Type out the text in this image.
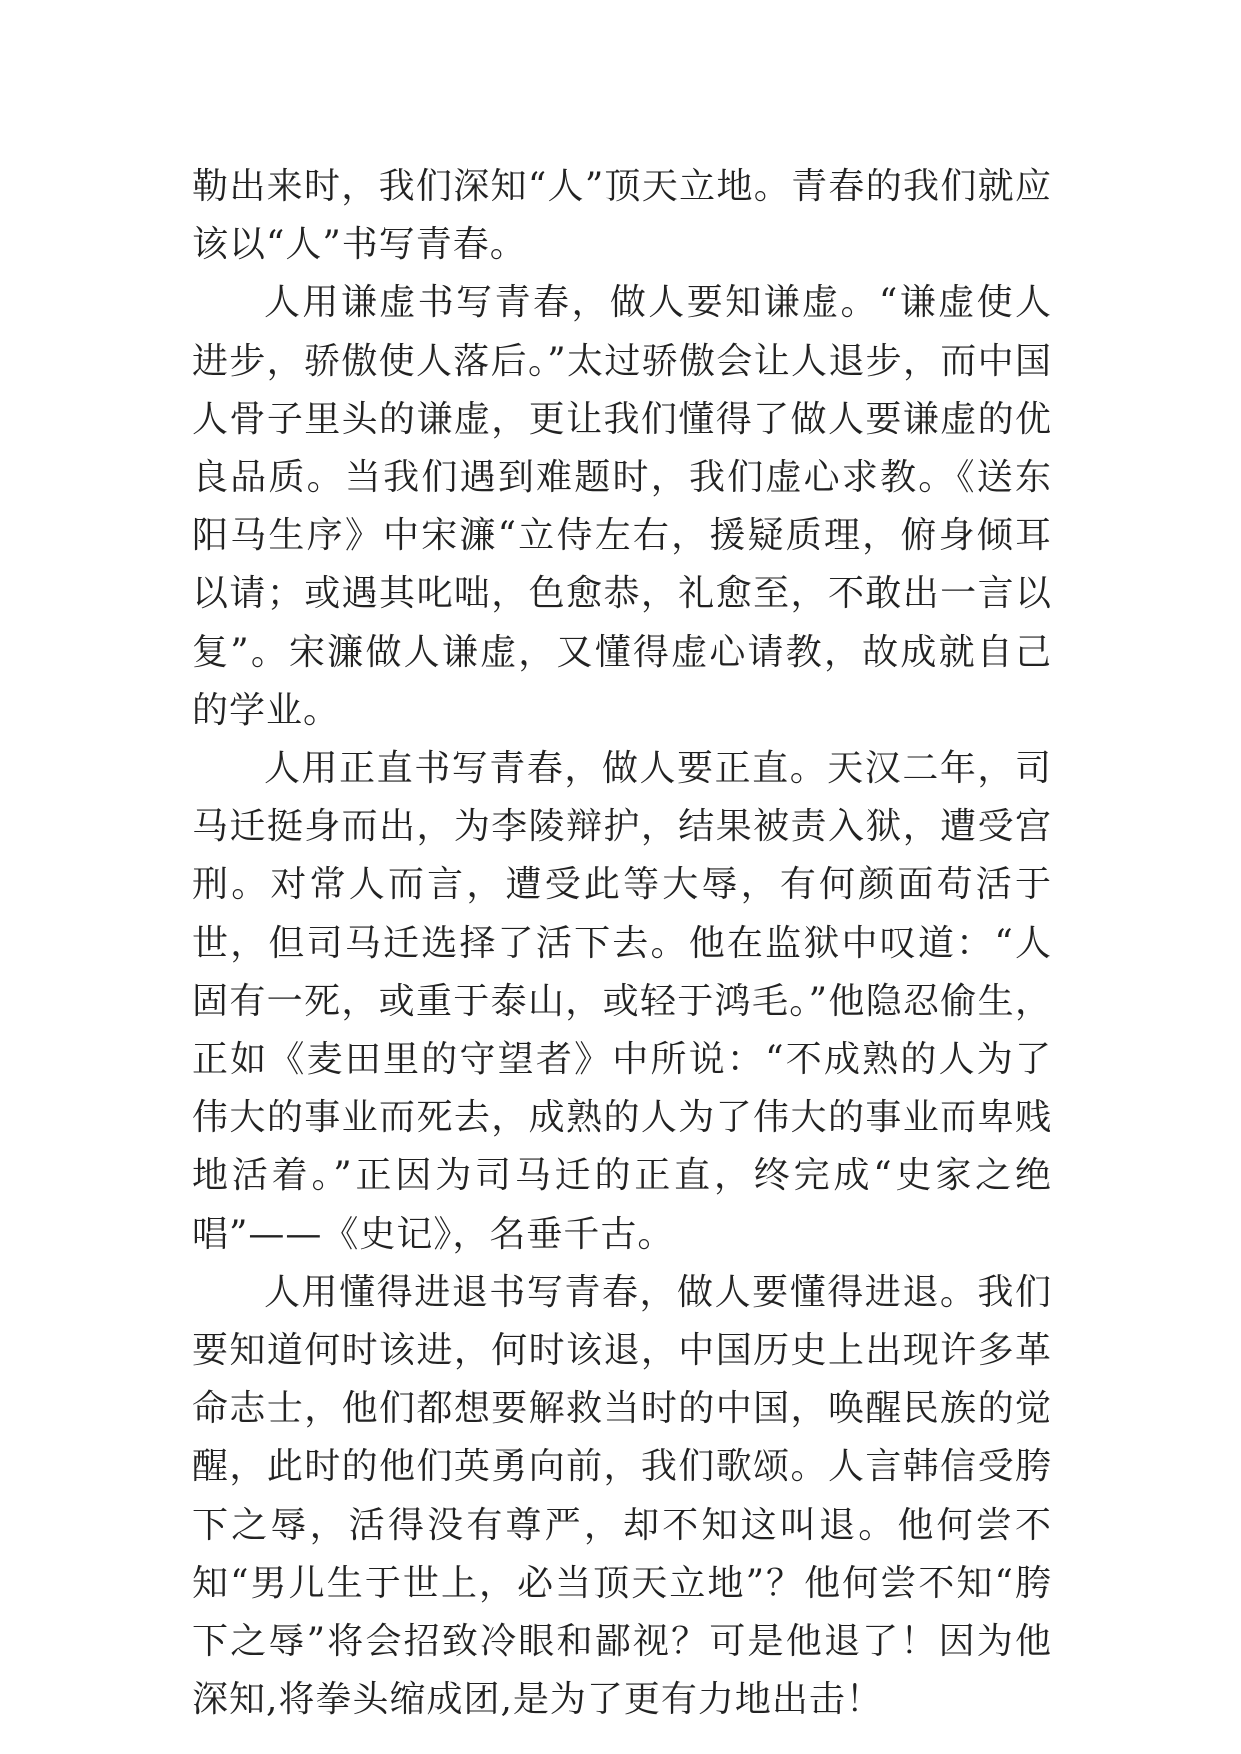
勒出来时，我们深知“人”顶天立地。青春的我们就应该以“人”书写青春。

人用谦虚书写青春，做人要知谦虚。“谦虚使人进步，骄傲使人落后。”太过骄傲会让人退步，而中国人骨子里头的谦虚，更让我们懂得了做人要谦虚的优良品质。当我们遇到难题时，我们虚心求教。《送东阳马生序》中宋濂“立侍左右，援疑质理，俯身倾耳以请；或遇其叱咄，色愈恭，礼愈至，不敢出一言以复”。宋濂做人谦虚，又懂得虚心请教，故成就自己的学业。

人用正直书写青春，做人要正直。天汉二年，司马迁挺身而出，为李陵辩护，结果被责入狱，遭受宫刑。对常人而言，遭受此等大辱，有何颜面苟活于世，但司马迁选择了活下去。他在监狱中叹道：“人固有一死，或重于泰山，或轻于鸿毛。”他隐忍偷生，正如《麦田里的守望者》中所说：“不成熟的人为了伟大的事业而死去，成熟的人为了伟大的事业而卑贱地活着。”正因为司马迁的正直，终完成“史家之绝唱”——《史记》，名垂千古。

人用懂得进退书写青春，做人要懂得进退。我们要知道何时该进，何时该退，中国历史上出现许多革命志士，他们都想要解救当时的中国，唤醒民族的觉醒，此时的他们英勇向前，我们歌颂。人言韩信受胯下之辱，活得没有尊严，却不知这叫退。他何尝不知“男儿生于世上，必当顶天立地”？他何尝不知“胯下之辱”将会招致冷眼和鄙视？可是他退了！因为他深知,将拳头缩成团,是为了更有力地出击！
